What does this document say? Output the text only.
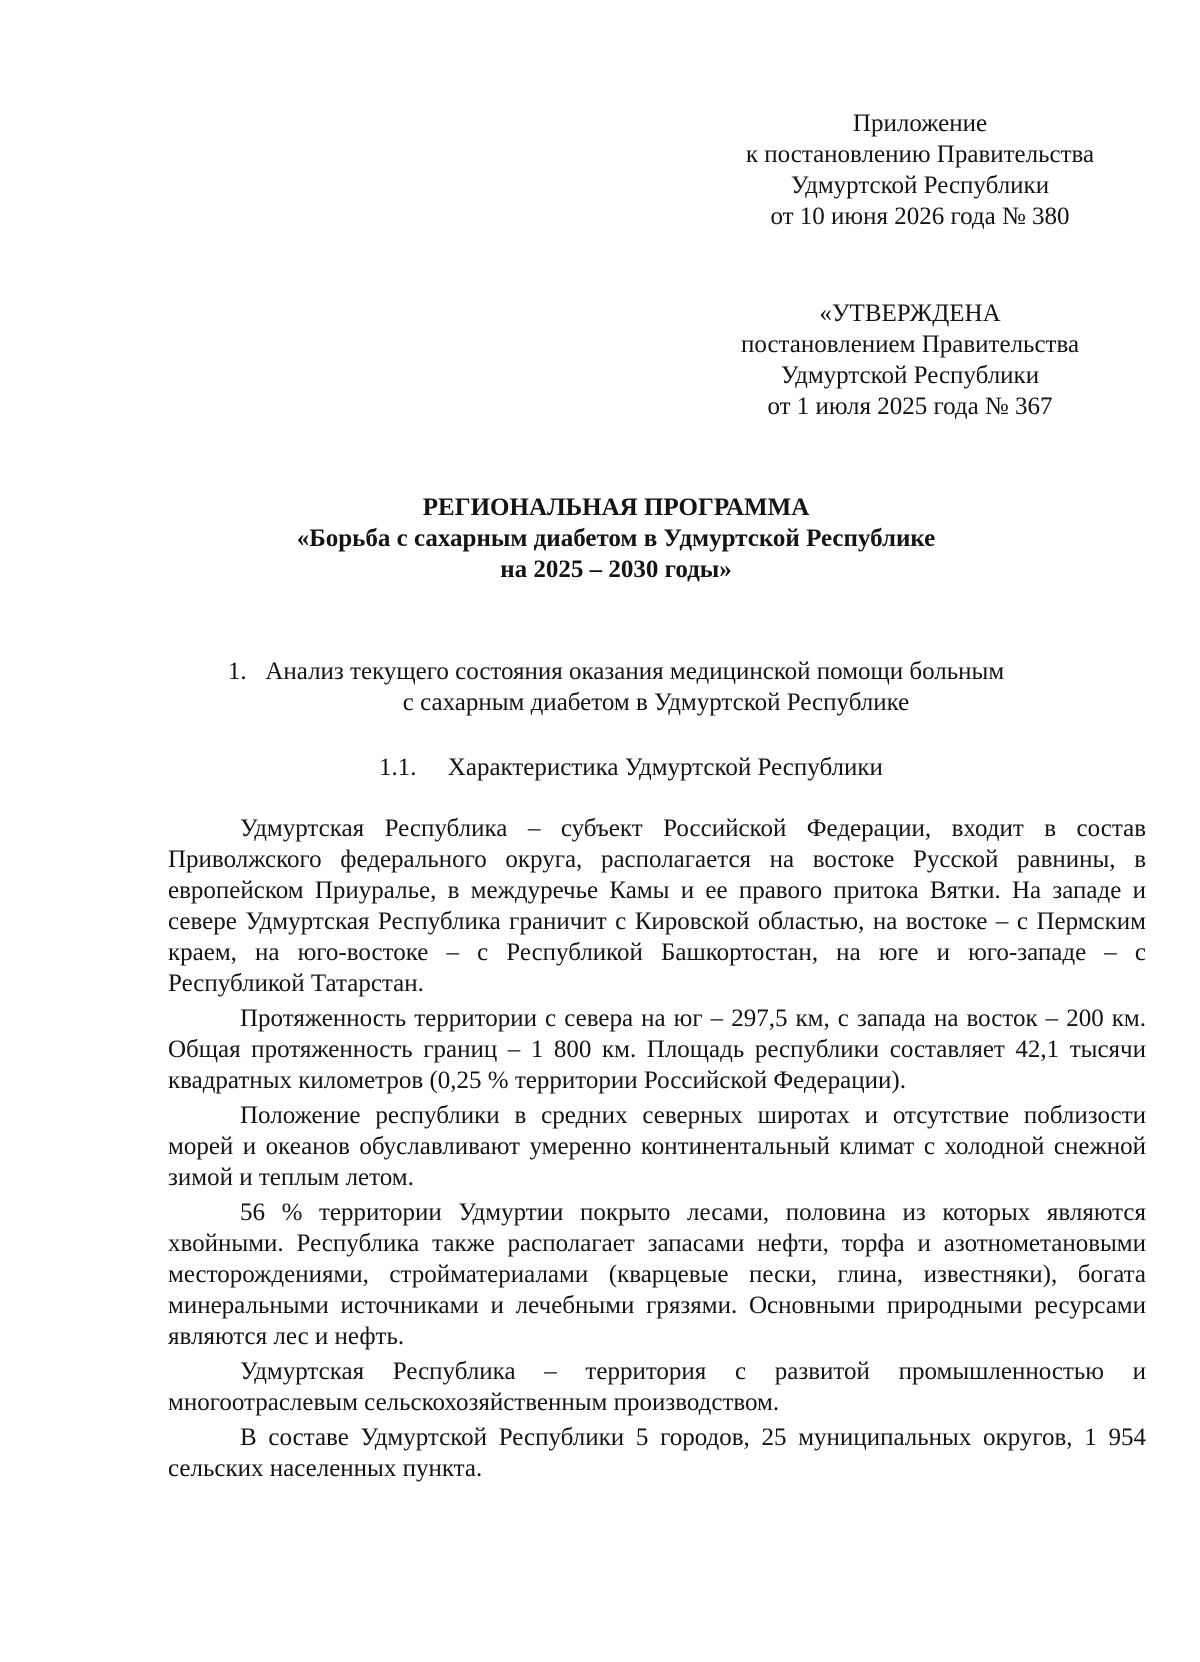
Приложение
к постановлению Правительства
Удмуртской Республики
от 10 июня 2026 года № 380
«УТВЕРЖДЕНА
постановлением Правительства
Удмуртской Республики
от 1 июля 2025 года № 367
РЕГИОНАЛЬНАЯ ПРОГРАММА
«Борьба с сахарным диабетом в Удмуртской Республике
на 2025 – 2030 годы»
1.   Анализ текущего состояния оказания медицинской помощи больным
с сахарным диабетом в Удмуртской Республике
1.1.     Характеристика Удмуртской Республики

Удмуртская Республика – субъект Российской Федерации, входит в состав Приволжского федерального округа, располагается на востоке Русской равнины, в европейском Приуралье, в междуречье Камы и ее правого притока Вятки. На западе и севере Удмуртская Республика граничит с Кировской областью, на востоке – с Пермским краем, на юго-востоке – с Республикой Башкортостан, на юге и юго-западе – с Республикой Татарстан.

Протяженность территории с севера на юг – 297,5 км, с запада на восток – 200 км. Общая протяженность границ – 1 800 км. Площадь республики составляет 42,1 тысячи квадратных километров (0,25 % территории Российской Федерации).

Положение республики в средних северных широтах и отсутствие поблизости морей и океанов обуславливают умеренно континентальный климат с холодной снежной зимой и теплым летом.

56 % территории Удмуртии покрыто лесами, половина из которых являются хвойными. Республика также располагает запасами нефти, торфа и азотнометановыми месторождениями, стройматериалами (кварцевые пески, глина, известняки), богата минеральными источниками и лечебными грязями. Основными природными ресурсами являются лес и нефть.

Удмуртская Республика – территория с развитой промышленностью и многоотраслевым сельскохозяйственным производством.

В составе Удмуртской Республики 5 городов, 25 муниципальных округов, 1 954 сельских населенных пункта.
